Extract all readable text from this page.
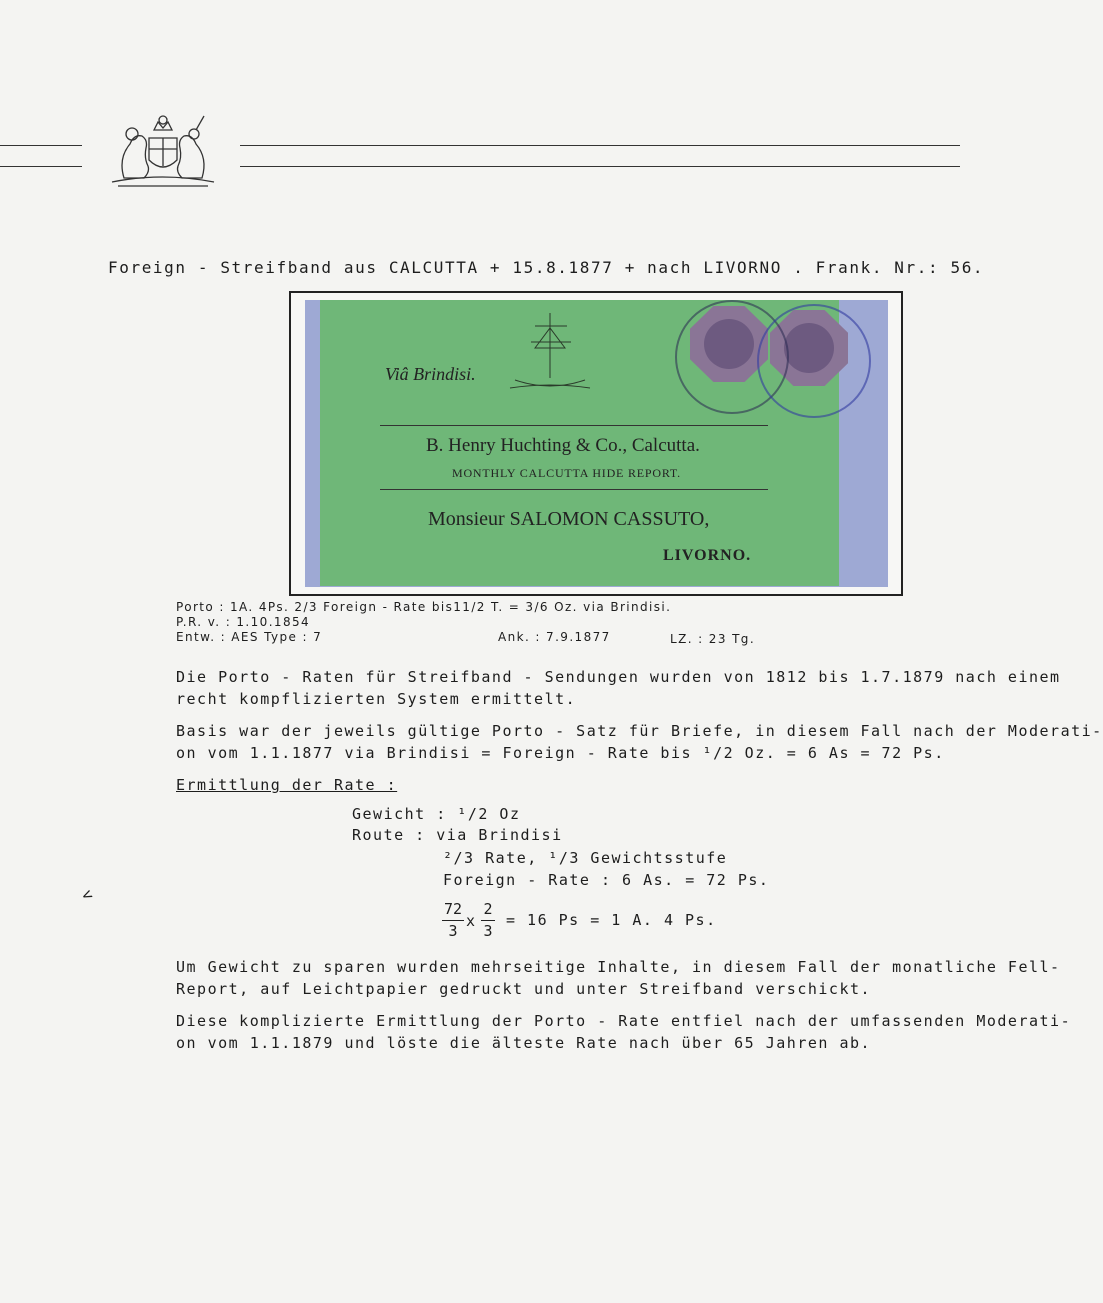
Foreign - Streifband aus CALCUTTA + 15.8.1877 + nach LIVORNO . Frank. Nr.: 56.
Viâ Brindisi.
B. Henry Huchting & Co., Calcutta.
MONTHLY CALCUTTA HIDE REPORT.
Monsieur SALOMON CASSUTO,
LIVORNO.
Porto : 1A. 4Ps. 2/3 Foreign - Rate bis11/2 T. = 3/6 Oz. via Brindisi.
P.R. v. : 1.10.1854
Entw. : AES Type : 7	Ank. : 7.9.1877	LZ. : 23 Tg.
Die Porto - Raten für Streifband - Sendungen wurden von 1812 bis 1.7.1879 nach einem
recht kompflizierten System ermittelt.
Basis war der jeweils gültige Porto - Satz für Briefe, in diesem Fall nach der Moderati-
on vom 1.1.1877 via Brindisi = Foreign - Rate bis ¹/2 Oz. = 6 As = 72 Ps.
Ermittlung der Rate :
Gewicht : ¹/2 Oz
Route : via Brindisi
²/3 Rate, ¹/3 Gewichtsstufe
Foreign - Rate : 6 As. = 72 Ps.
72
3
x
2
3
= 16 Ps = 1 A. 4 Ps.
Um Gewicht zu sparen wurden mehrseitige Inhalte, in diesem Fall der monatliche Fell-
Report, auf Leichtpapier gedruckt und unter Streifband verschickt.
Diese komplizierte Ermittlung der Porto - Rate entfiel nach der umfassenden Moderati-
on vom 1.1.1879 und löste die älteste Rate nach über 65 Jahren ab.
<
